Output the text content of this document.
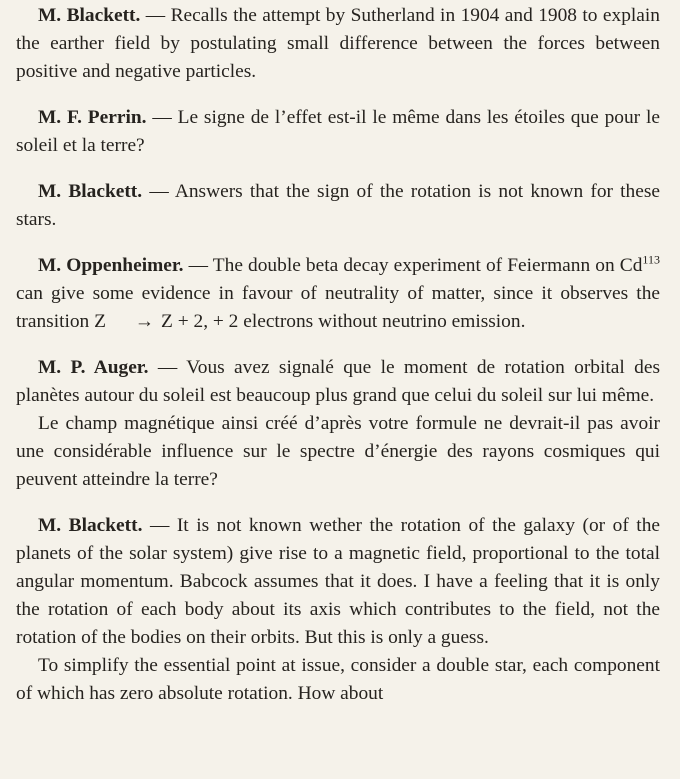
M. Blackett. — Recalls the attempt by Sutherland in 1904 and 1908 to explain the earther field by postulating small difference between the forces between positive and negative particles.

M. F. Perrin. — Le signe de l’effet est-il le même dans les étoiles que pour le soleil et la terre?

M. Blackett. — Answers that the sign of the rotation is not known for these stars.

M. Oppenheimer. — The double beta decay experiment of Feiermann on Cd$^{113}$ can give some evidence in favour of neutrality of matter, since it observes the transition Z → Z + 2, + 2 electrons without neutrino emission.

M. P. Auger. — Vous avez signalé que le moment de rotation orbital des planètes autour du soleil est beaucoup plus grand que celui du soleil sur lui même.

Le champ magnétique ainsi créé d’après votre formule ne devrait-il pas avoir une considérable influence sur le spectre d’énergie des rayons cosmiques qui peuvent atteindre la terre?

M. Blackett. — It is not known wether the rotation of the galaxy (or of the planets of the solar system) give rise to a magnetic field, proportional to the total angular momentum. Babcock assumes that it does. I have a feeling that it is only the rotation of each body about its axis which contributes to the field, not the rotation of the bodies on their orbits. But this is only a guess.

To simplify the essential point at issue, consider a double star, each component of which has zero absolute rotation. How about
